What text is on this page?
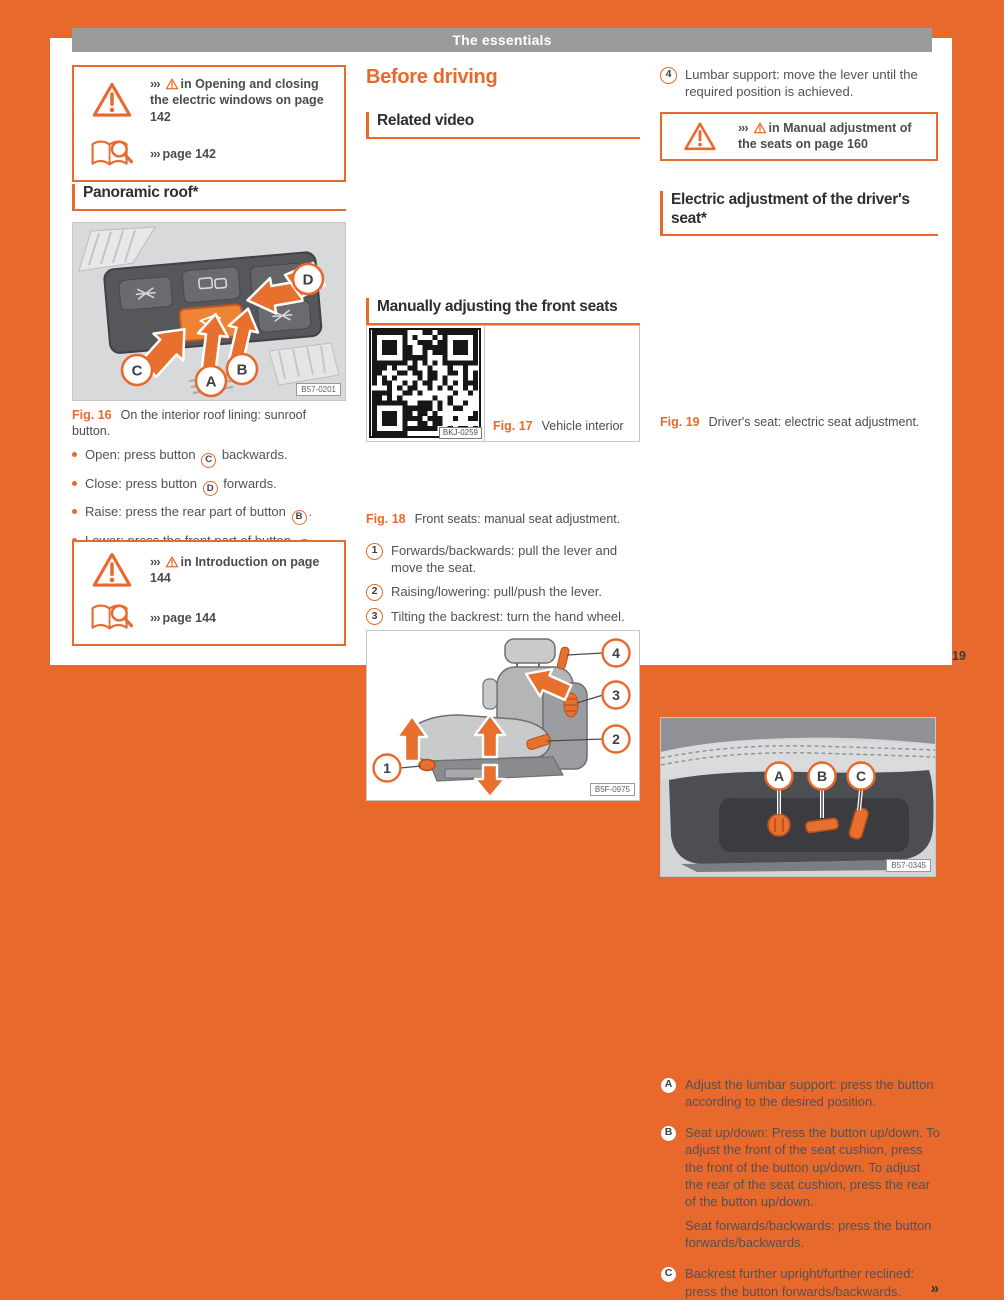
››› in Opening and closing the electric windows on page 142
››› page 142
Panoramic roof*
D
C
A
B
B57-0201
Fig. 16 On the interior roof lining: sunroof button.
Open: press button C backwards.
Close: press button D forwards.
Raise: press the rear part of button B .
››› in Introduction on page 144
››› page 144
Before driving
Related video
BKJ-0259	Fig. 17 Vehicle interior
Manually adjusting the front seats
1
2
3
4
B5F-0975
Fig. 18 Front seats: manual seat adjustment.
1	Forwards/backwards: pull the lever and move the seat.
2	Raising/lowering: pull/push the lever.
3	Tilting the backrest: turn the hand wheel.
4	Lumbar support: move the lever until the required position is achieved.
››› in Manual adjustment of the seats on page 160
Electric adjustment of the driver's seat*
A B C
B57-0345
Fig. 19 Driver's seat: electric seat adjustment.
A Adjust the lumbar support: press the button according to the desired position.

B Seat up/down: Press the button up/down. To adjust the front of the seat cushion, press the front of the button up/down. To adjust the rear of the seat cushion, press the rear of the button up/down.

Seat forwards/backwards: press the button forwards/backwards.

C Backrest further upright/further reclined: press the button forwards/backwards.	»
The essentials
19
